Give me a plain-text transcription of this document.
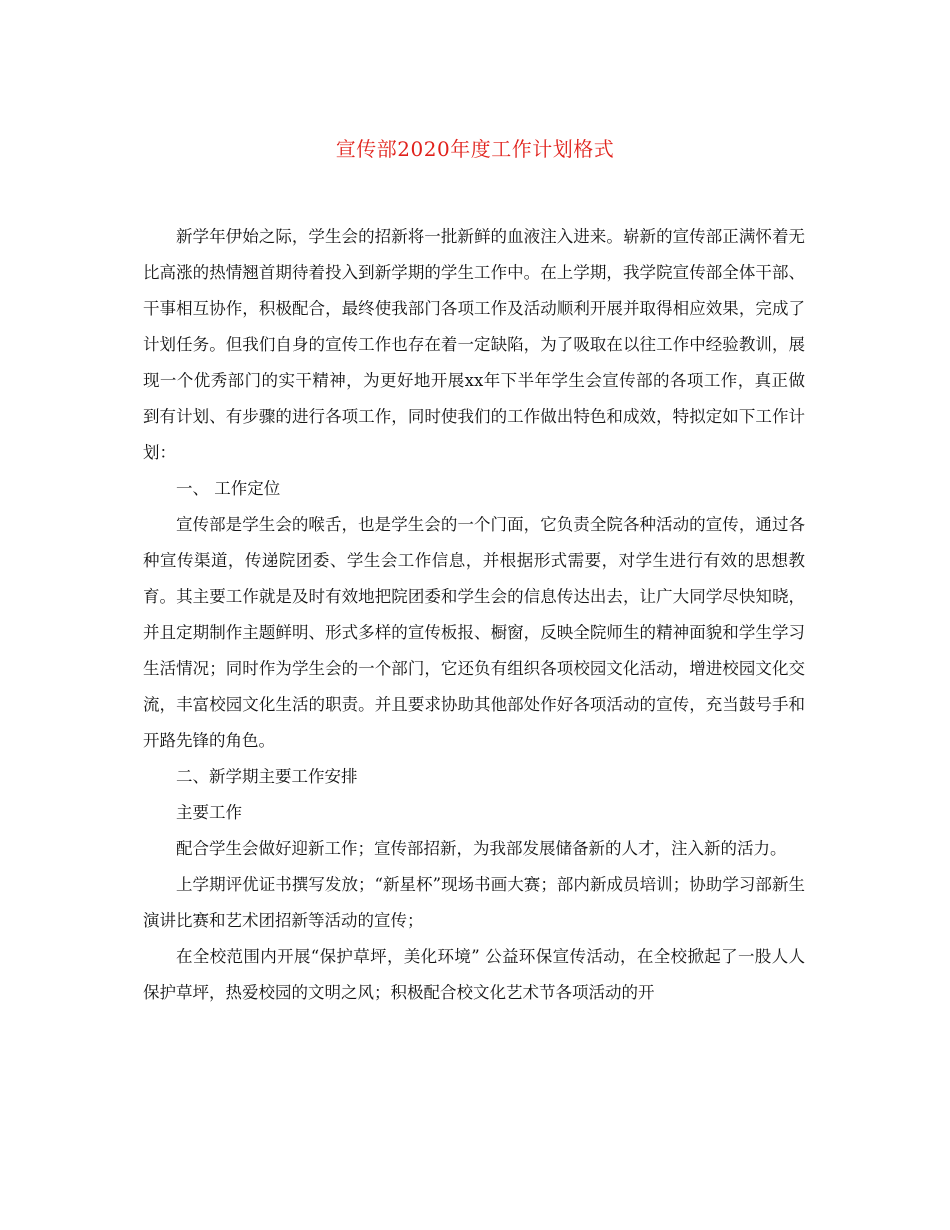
宣传部2020年度工作计划格式

新学年伊始之际，学生会的招新将一批新鲜的血液注入进来。崭新的宣传部正满怀着无比高涨的热情翘首期待着投入到新学期的学生工作中。在上学期，我学院宣传部全体干部、干事相互协作，积极配合，最终使我部门各项工作及活动顺利开展并取得相应效果，完成了计划任务。但我们自身的宣传工作也存在着一定缺陷，为了吸取在以往工作中经验教训，展现一个优秀部门的实干精神，为更好地开展xx年下半年学生会宣传部的各项工作，真正做到有计划、有步骤的进行各项工作，同时使我们的工作做出特色和成效，特拟定如下工作计划：

一、 工作定位

宣传部是学生会的喉舌，也是学生会的一个门面，它负责全院各种活动的宣传，通过各种宣传渠道，传递院团委、学生会工作信息，并根据形式需要，对学生进行有效的思想教育。其主要工作就是及时有效地把院团委和学生会的信息传达出去，让广大同学尽快知晓，并且定期制作主题鲜明、形式多样的宣传板报、橱窗，反映全院师生的精神面貌和学生学习生活情况；同时作为学生会的一个部门，它还负有组织各项校园文化活动，增进校园文化交流，丰富校园文化生活的职责。并且要求协助其他部处作好各项活动的宣传，充当鼓号手和开路先锋的角色。

二、新学期主要工作安排

主要工作

配合学生会做好迎新工作；宣传部招新，为我部发展储备新的人才，注入新的活力。

上学期评优证书撰写发放；“新星杯”现场书画大赛；部内新成员培训；协助学习部新生演讲比赛和艺术团招新等活动的宣传；

在全校范围内开展“保护草坪，美化环境” 公益环保宣传活动，在全校掀起了一股人人保护草坪，热爱校园的文明之风；积极配合校文化艺术节各项活动的开
